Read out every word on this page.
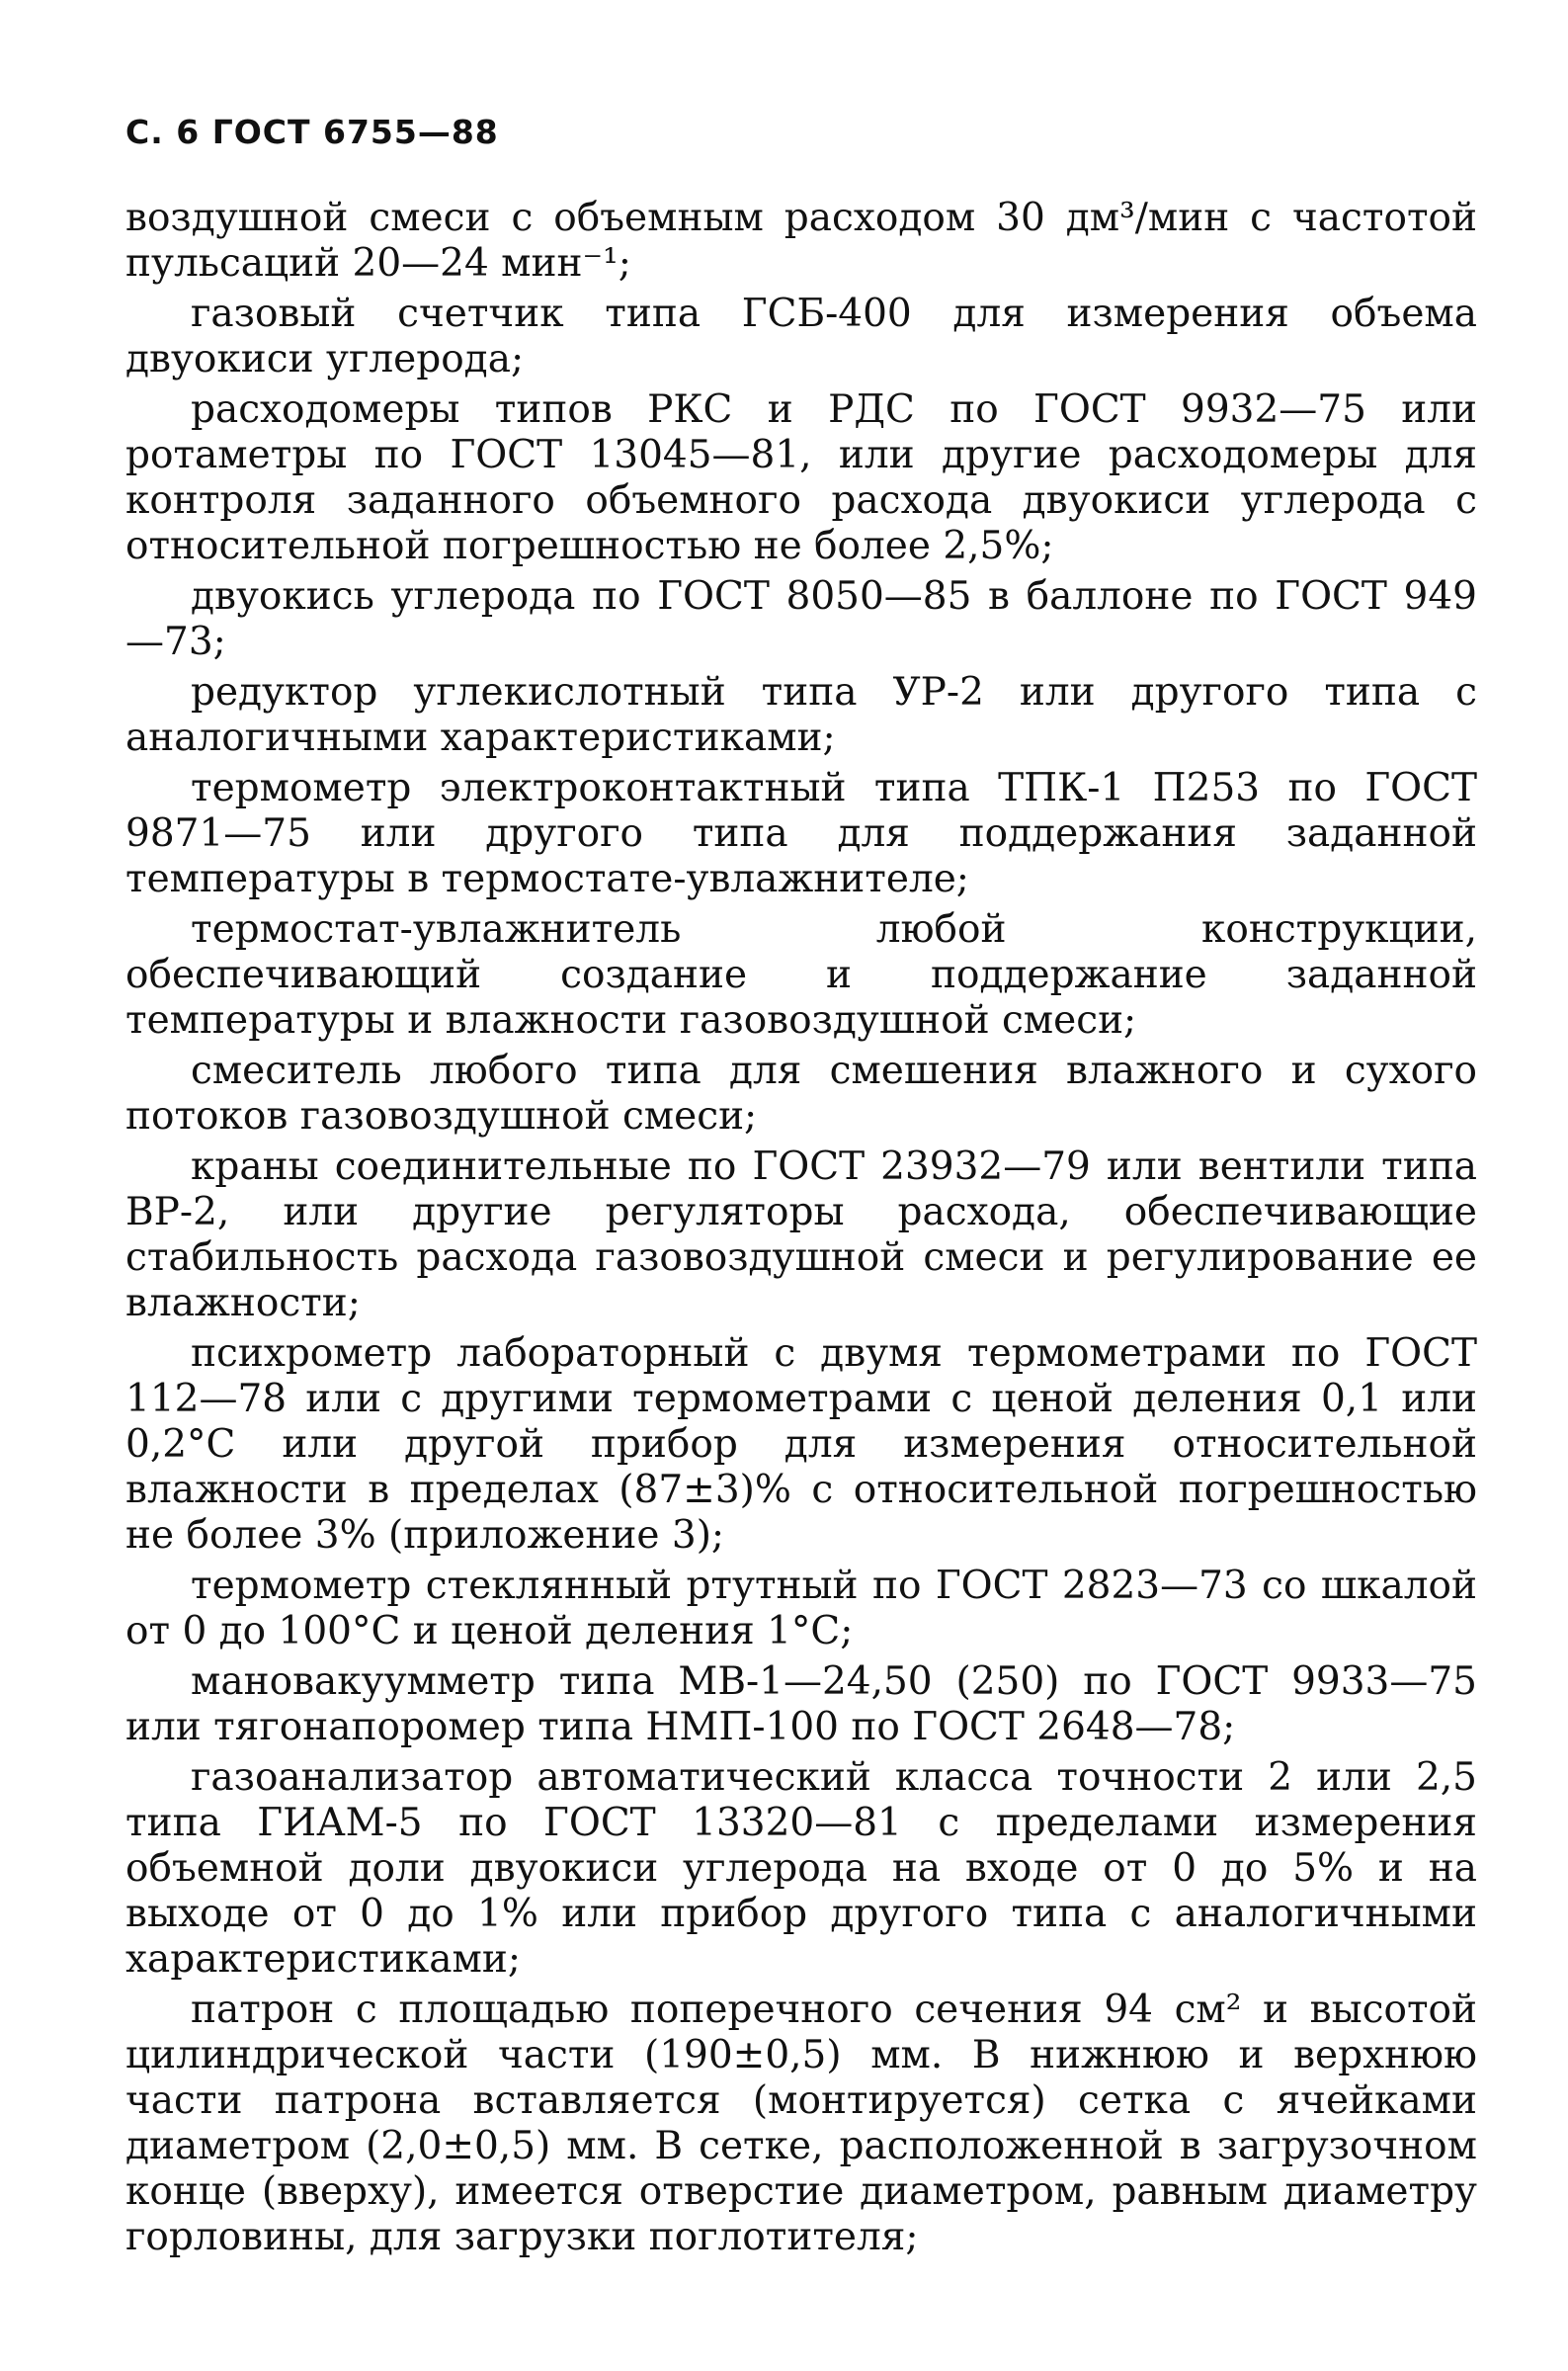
С. 6 ГОСТ 6755—88

воздушной смеси с объемным расходом 30 дм³/мин с частотой пульсаций 20—24 мин⁻¹;

газовый счетчик типа ГСБ-400 для измерения объема двуокиси углерода;

расходомеры типов РКС и РДС по ГОСТ 9932—75 или ротаметры по ГОСТ 13045—81, или другие расходомеры для контроля заданного объемного расхода двуокиси углерода с относительной погрешностью не более 2,5%;

двуокись углерода по ГОСТ 8050—85 в баллоне по ГОСТ 949—73;

редуктор углекислотный типа УР-2 или другого типа с аналогичными характеристиками;

термометр электроконтактный типа ТПК-1 П253 по ГОСТ 9871—75 или другого типа для поддержания заданной температуры в термостате-увлажнителе;

термостат-увлажнитель любой конструкции, обеспечивающий создание и поддержание заданной температуры и влажности газовоздушной смеси;

смеситель любого типа для смешения влажного и сухого потоков газовоздушной смеси;

краны соединительные по ГОСТ 23932—79 или вентили типа ВР-2, или другие регуляторы расхода, обеспечивающие стабильность расхода газовоздушной смеси и регулирование ее влажности;

психрометр лабораторный с двумя термометрами по ГОСТ 112—78 или с другими термометрами с ценой деления 0,1 или 0,2°С или другой прибор для измерения относительной влажности в пределах (87±3)% с относительной погрешностью не более 3% (приложение 3);

термометр стеклянный ртутный по ГОСТ 2823—73 со шкалой от 0 до 100°С и ценой деления 1°С;

мановакуумметр типа МВ-1—24,50 (250) по ГОСТ 9933—75 или тягонапоромер типа НМП-100 по ГОСТ 2648—78;

газоанализатор автоматический класса точности 2 или 2,5 типа ГИАМ-5 по ГОСТ 13320—81 с пределами измерения объемной доли двуокиси углерода на входе от 0 до 5% и на выходе от 0 до 1% или прибор другого типа с аналогичными характеристиками;

патрон с площадью поперечного сечения 94 см² и высотой цилиндрической части (190±0,5) мм. В нижнюю и верхнюю части патрона вставляется (монтируется) сетка с ячейками диаметром (2,0±0,5) мм. В сетке, расположенной в загрузочном конце (вверху), имеется отверстие диаметром, равным диаметру горловины, для загрузки поглотителя;
